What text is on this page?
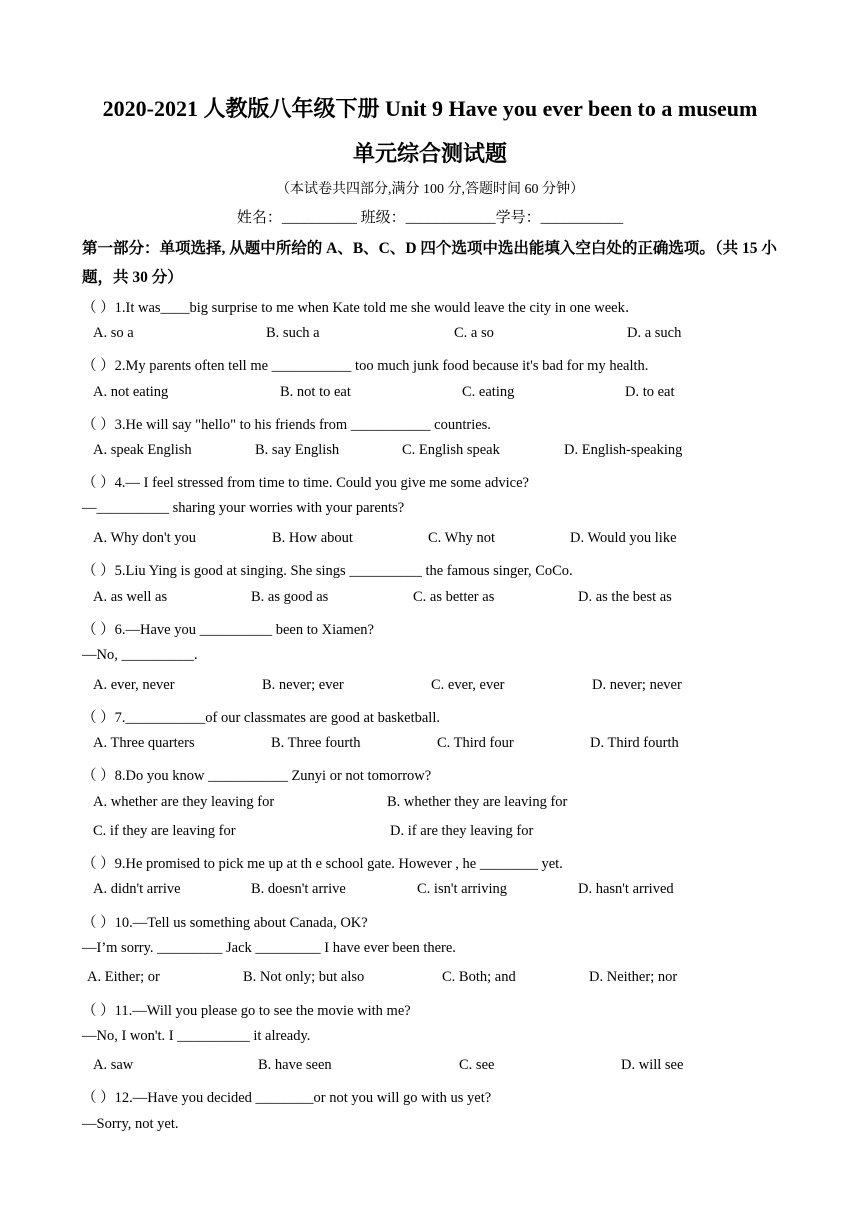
2020-2021 人教版八年级下册 Unit 9 Have you ever been to a museum
单元综合测试题
（本试卷共四部分,满分 100 分,答题时间 60 分钟）
姓名：__________ 班级：____________学号：___________
第一部分：单项选择, 从题中所给的 A、B、C、D 四个选项中选出能填入空白处的正确选项。（共 15 小题，共 30 分）
（ ）1.It was____big surprise to me when Kate told me she would leave the city in one week．
A. so a	B. such a	C. a so	D. a such
（ ）2.My parents often tell me ___________ too much junk food because it's bad for my health.
A. not eating	B. not to eat	C. eating	D. to eat
（ ）3.He will say "hello" to his friends from ___________ countries.
A. speak English	B. say English	C. English speak	D. English-speaking
（ ）4.— I feel stressed from time to time. Could you give me some advice?
—__________ sharing your worries with your parents?
A. Why don't you	B. How about	C. Why not	D. Would you like
（ ）5.Liu Ying is good at singing. She sings __________ the famous singer, CoCo.
A. as well as	B. as good as	C. as better as	D. as the best as
（ ）6.—Have you __________ been to Xiamen?
—No, __________.
A. ever, never	B. never; ever	C. ever, ever	D. never; never
（ ）7.___________of our classmates are good at basketball.
A. Three quarters	B. Three fourth	C. Third four	D. Third fourth
（ ）8.Do you know ___________ Zunyi or not tomorrow?
A. whether are they leaving for	B. whether they are leaving for
C. if they are leaving for	D. if are they leaving for
（ ）9.He promised to pick me up at th e school gate. However , he ________ yet.
A. didn't arrive	B. doesn't arrive	C. isn't arriving	D. hasn't arrived
（ ）10.—Tell us something about Canada, OK?
—I’m sorry. _________ Jack _________ I have ever been there.
A. Either; or	B. Not only; but also	C. Both; and	D. Neither; nor
（ ）11.—Will you please go to see the movie with me?
—No, I won't. I __________ it already.
A. saw	B. have seen	C. see	D. will see
（ ）12.—Have you decided ________or not you will go with us yet?
—Sorry, not yet.
